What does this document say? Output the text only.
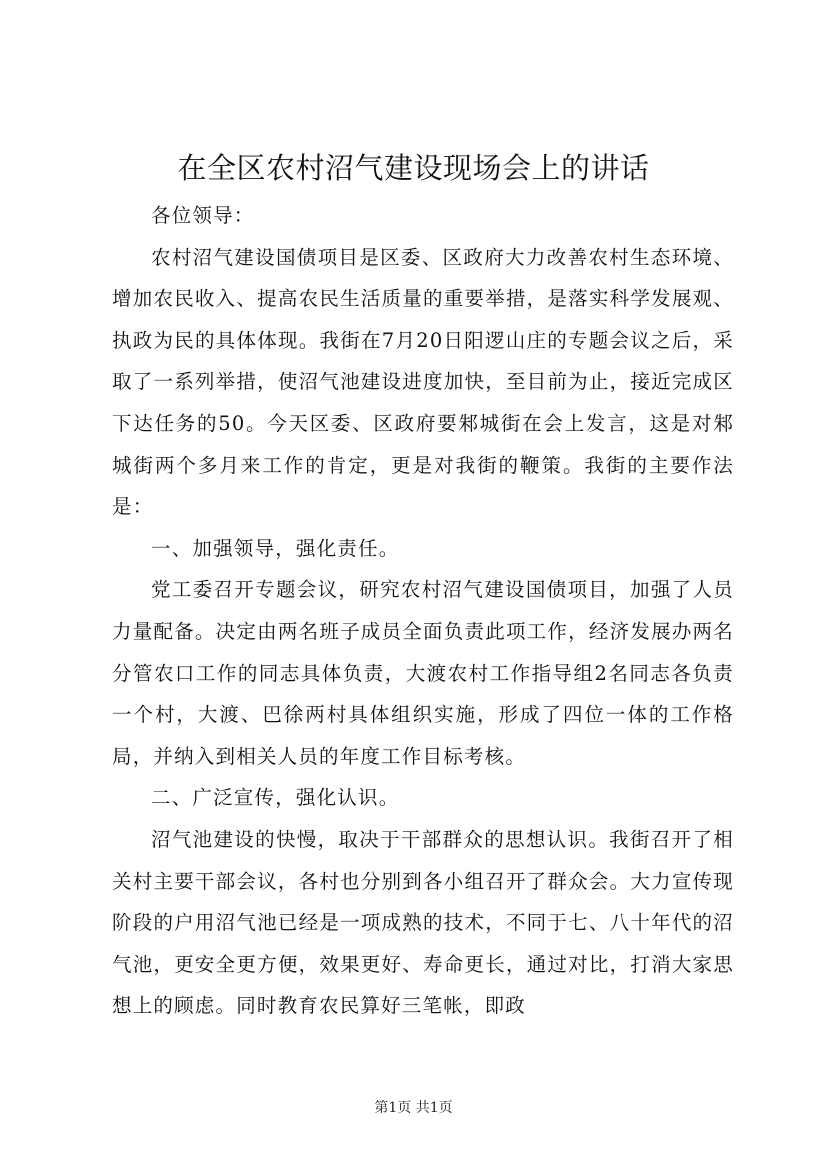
在全区农村沼气建设现场会上的讲话

各位领导：

农村沼气建设国债项目是区委、区政府大力改善农村生态环境、增加农民收入、提高农民生活质量的重要举措，是落实科学发展观、执政为民的具体体现。我街在7月20日阳逻山庄的专题会议之后，采取了一系列举措，使沼气池建设进度加快，至目前为止，接近完成区下达任务的50。今天区委、区政府要邾城街在会上发言，这是对邾城街两个多月来工作的肯定，更是对我街的鞭策。我街的主要作法是：

一、加强领导，强化责任。

党工委召开专题会议，研究农村沼气建设国债项目，加强了人员力量配备。决定由两名班子成员全面负责此项工作，经济发展办两名分管农口工作的同志具体负责，大渡农村工作指导组2名同志各负责一个村，大渡、巴徐两村具体组织实施，形成了四位一体的工作格局，并纳入到相关人员的年度工作目标考核。

二、广泛宣传，强化认识。

沼气池建设的快慢，取决于干部群众的思想认识。我街召开了相关村主要干部会议，各村也分别到各小组召开了群众会。大力宣传现阶段的户用沼气池已经是一项成熟的技术，不同于七、八十年代的沼气池，更安全更方便，效果更好、寿命更长，通过对比，打消大家思想上的顾虑。同时教育农民算好三笔帐，即政

第1页 共1页
